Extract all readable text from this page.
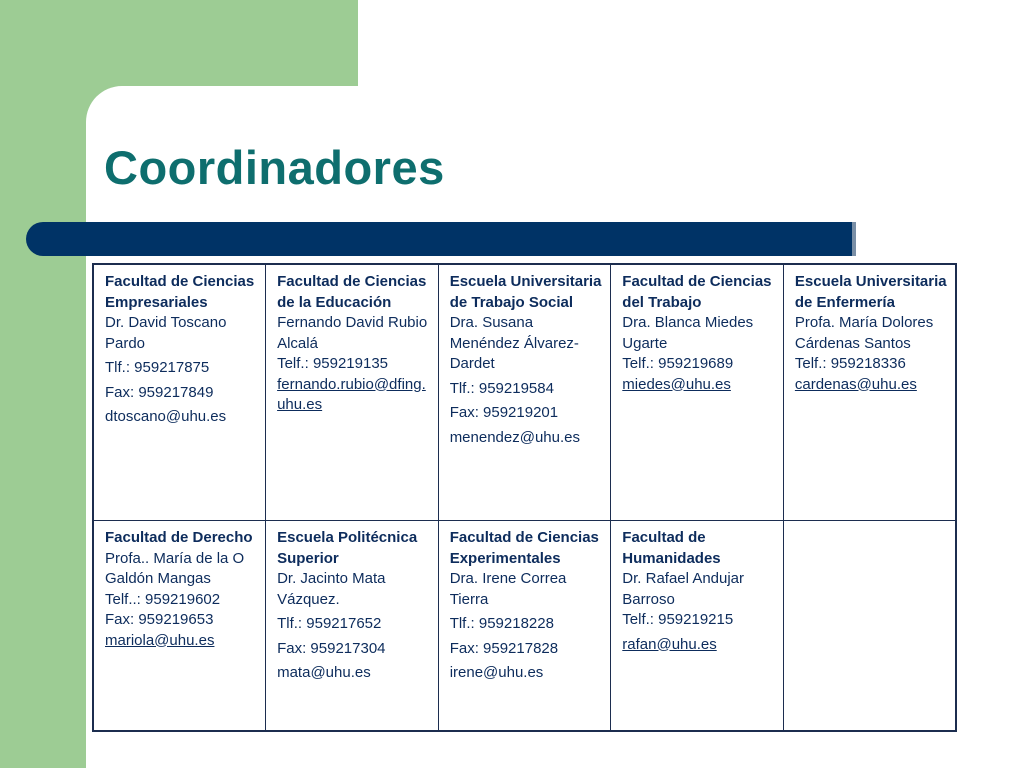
Coordinadores
Facultad de Ciencias Empresariales
Dr. David Toscano Pardo
Tlf.: 959217875
Fax: 959217849
dtoscano@uhu.es	Facultad de Ciencias de la Educación
Fernando David Rubio Alcalá
Telf.: 959219135
fernando.rubio@dfing.uhu.es	Escuela Universitaria de Trabajo Social
Dra. Susana Menéndez Álvarez-Dardet
Tlf.: 959219584
Fax: 959219201
menendez@uhu.es	Facultad de Ciencias del Trabajo
Dra. Blanca Miedes Ugarte
Telf.: 959219689
miedes@uhu.es	Escuela Universitaria de Enfermería
Profa. María Dolores Cárdenas Santos
Telf.: 959218336
cardenas@uhu.es

Facultad de Derecho
Profa.. María de la O Galdón Mangas
Telf..: 959219602
Fax: 959219653
mariola@uhu.es	Escuela Politécnica Superior
Dr. Jacinto Mata Vázquez.
Tlf.: 959217652
Fax: 959217304
mata@uhu.es	Facultad de Ciencias Experimentales
Dra. Irene Correa Tierra
Tlf.: 959218228
Fax: 959217828
irene@uhu.es	Facultad de Humanidades
Dr. Rafael Andujar Barroso
Telf.: 959219215
rafan@uhu.es	
